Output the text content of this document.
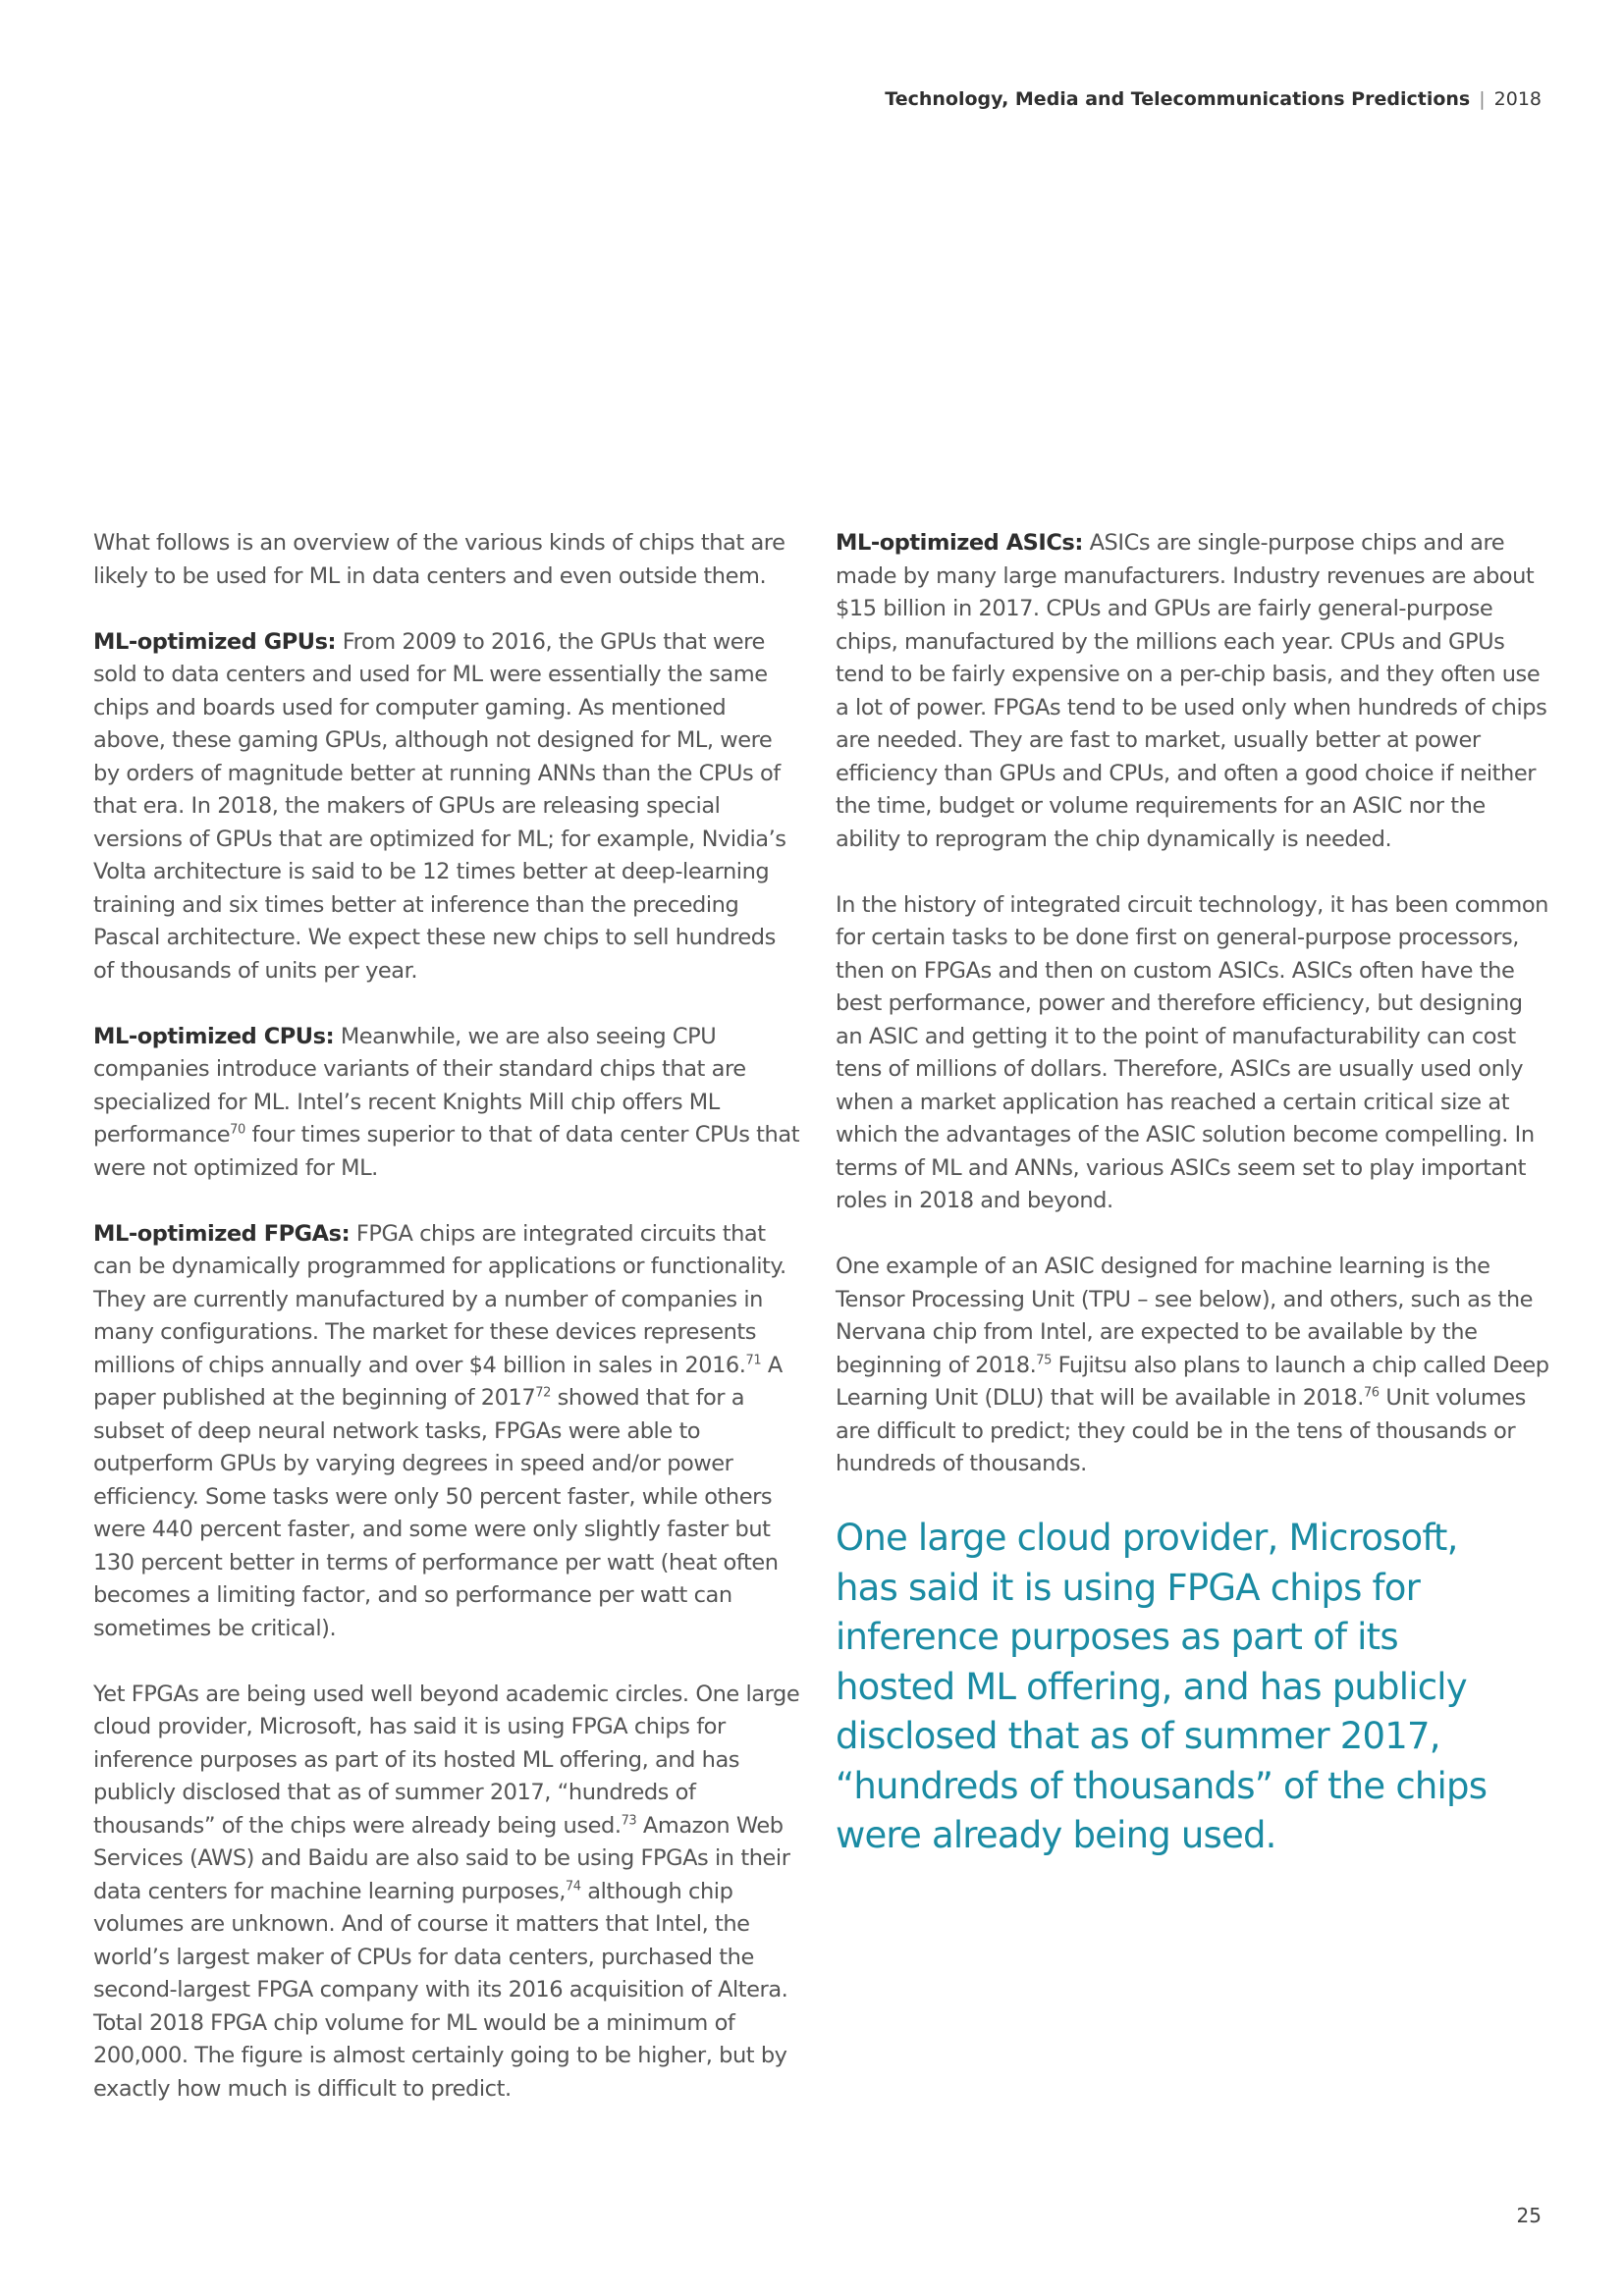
Technology, Media and Telecommunications Predictions | 2018

What follows is an overview of the various kinds of chips that are likely to be used for ML in data centers and even outside them.

ML-optimized GPUs: From 2009 to 2016, the GPUs that were sold to data centers and used for ML were essentially the same chips and boards used for computer gaming. As mentioned above, these gaming GPUs, although not designed for ML, were by orders of magnitude better at running ANNs than the CPUs of that era. In 2018, the makers of GPUs are releasing special versions of GPUs that are optimized for ML; for example, Nvidia’s Volta architecture is said to be 12 times better at deep-learning training and six times better at inference than the preceding Pascal architecture. We expect these new chips to sell hundreds of thousands of units per year.

ML-optimized CPUs: Meanwhile, we are also seeing CPU companies introduce variants of their standard chips that are specialized for ML. Intel’s recent Knights Mill chip offers ML performance$^{70}$ four times superior to that of data center CPUs that were not optimized for ML.

ML-optimized FPGAs: FPGA chips are integrated circuits that can be dynamically programmed for applications or functionality. They are currently manufactured by a number of companies in many configurations. The market for these devices represents millions of chips annually and over $4 billion in sales in 2016.71 A paper published at the beginning of 2017$^{72}$ showed that for a subset of deep neural network tasks, FPGAs were able to outperform GPUs by varying degrees in speed and/or power efficiency. Some tasks were only 50 percent faster, while others were 440 percent faster, and some were only slightly faster but 130 percent better in terms of performance per watt (heat often becomes a limiting factor, and so performance per watt can sometimes be critical).

Yet FPGAs are being used well beyond academic circles. One large cloud provider, Microsoft, has said it is using FPGA chips for inference purposes as part of its hosted ML offering, and has publicly disclosed that as of summer 2017, “hundreds of thousands” of the chips were already being used.$^{73}$ Amazon Web Services (AWS) and Baidu are also said to be using FPGAs in their data centers for machine learning purposes,$^{74}$ although chip volumes are unknown. And of course it matters that Intel, the world’s largest maker of CPUs for data centers, purchased the second-largest FPGA company with its 2016 acquisition of Altera. Total 2018 FPGA chip volume for ML would be a minimum of 200,000. The figure is almost certainly going to be higher, but by exactly how much is difficult to predict.

ML-optimized ASICs: ASICs are single-purpose chips and are made by many large manufacturers. Industry revenues are about $15 billion in 2017. CPUs and GPUs are fairly general-purpose chips, manufactured by the millions each year. CPUs and GPUs tend to be fairly expensive on a per-chip basis, and they often use a lot of power. FPGAs tend to be used only when hundreds of chips are needed. They are fast to market, usually better at power efficiency than GPUs and CPUs, and often a good choice if neither the time, budget or volume requirements for an ASIC nor the ability to reprogram the chip dynamically is needed.

In the history of integrated circuit technology, it has been common for certain tasks to be done first on general-purpose processors, then on FPGAs and then on custom ASICs. ASICs often have the best performance, power and therefore efficiency, but designing an ASIC and getting it to the point of manufacturability can cost tens of millions of dollars. Therefore, ASICs are usually used only when a market application has reached a certain critical size at which the advantages of the ASIC solution become compelling. In terms of ML and ANNs, various ASICs seem set to play important roles in 2018 and beyond.

One example of an ASIC designed for machine learning is the Tensor Processing Unit (TPU – see below), and others, such as the Nervana chip from Intel, are expected to be available by the beginning of 2018.75 Fujitsu also plans to launch a chip called Deep Learning Unit (DLU) that will be available in 2018.76 Unit volumes are difficult to predict; they could be in the tens of thousands or hundreds of thousands.

One large cloud provider, Microsoft, has said it is using FPGA chips for inference purposes as part of its hosted ML offering, and has publicly disclosed that as of summer 2017, “hundreds of thousands” of the chips were already being used.
25
